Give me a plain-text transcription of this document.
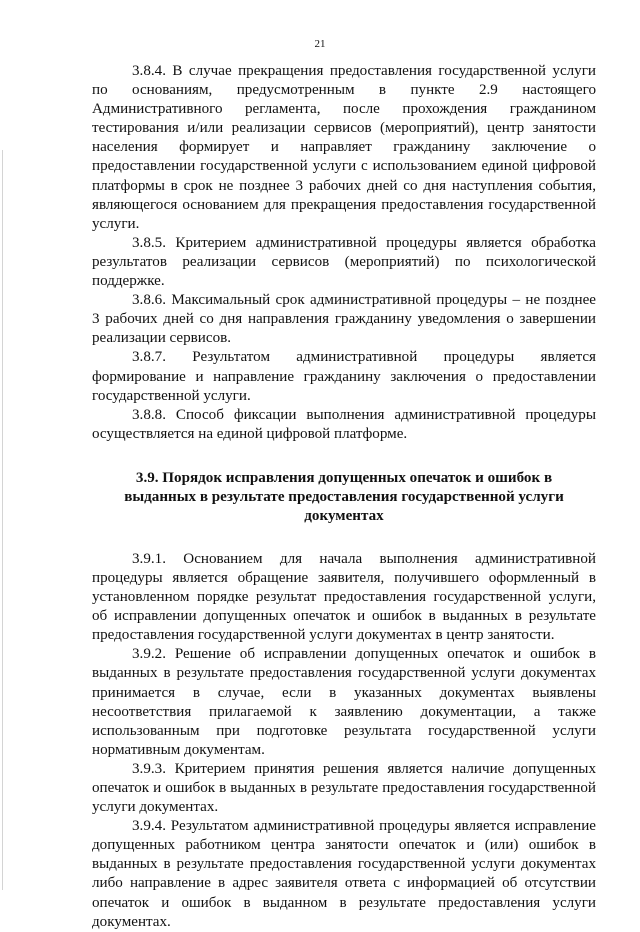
21

3.8.4. В случае прекращения предоставления государственной услуги по основаниям, предусмотренным в пункте 2.9 настоящего Административного регламента, после прохождения гражданином тестирования и/или реализации сервисов (мероприятий), центр занятости населения формирует и направляет гражданину заключение о предоставлении государственной услуги с использованием единой цифровой платформы в срок не позднее 3 рабочих дней со дня наступления события, являющегося основанием для прекращения предоставления государственной услуги.

3.8.5. Критерием административной процедуры является обработка результатов реализации сервисов (мероприятий) по психологической поддержке.

3.8.6. Максимальный срок административной процедуры – не позднее 3 рабочих дней со дня направления гражданину уведомления о завершении реализации сервисов.

3.8.7. Результатом административной процедуры является формирование и направление гражданину заключения о предоставлении государственной услуги.

3.8.8. Способ фиксации выполнения административной процедуры осуществляется на единой цифровой платформе.

3.9. Порядок исправления допущенных опечаток и ошибок в выданных в результате предоставления государственной услуги документах

3.9.1. Основанием для начала выполнения административной процедуры является обращение заявителя, получившего оформленный в установленном порядке результат предоставления государственной услуги, об исправлении допущенных опечаток и ошибок в выданных в результате предоставления государственной услуги документах в центр занятости.

3.9.2. Решение об исправлении допущенных опечаток и ошибок в выданных в результате предоставления государственной услуги документах принимается в случае, если в указанных документах выявлены несоответствия прилагаемой к заявлению документации, а также использованным при подготовке результата государственной услуги нормативным документам.

3.9.3. Критерием принятия решения является наличие допущенных опечаток и ошибок в выданных в результате предоставления государственной услуги документах.

3.9.4. Результатом административной процедуры является исправление допущенных работником центра занятости опечаток и (или) ошибок в выданных в результате предоставления государственной услуги документах либо направление в адрес заявителя ответа с информацией об отсутствии опечаток и ошибок в выданном в результате предоставления услуги документах.
